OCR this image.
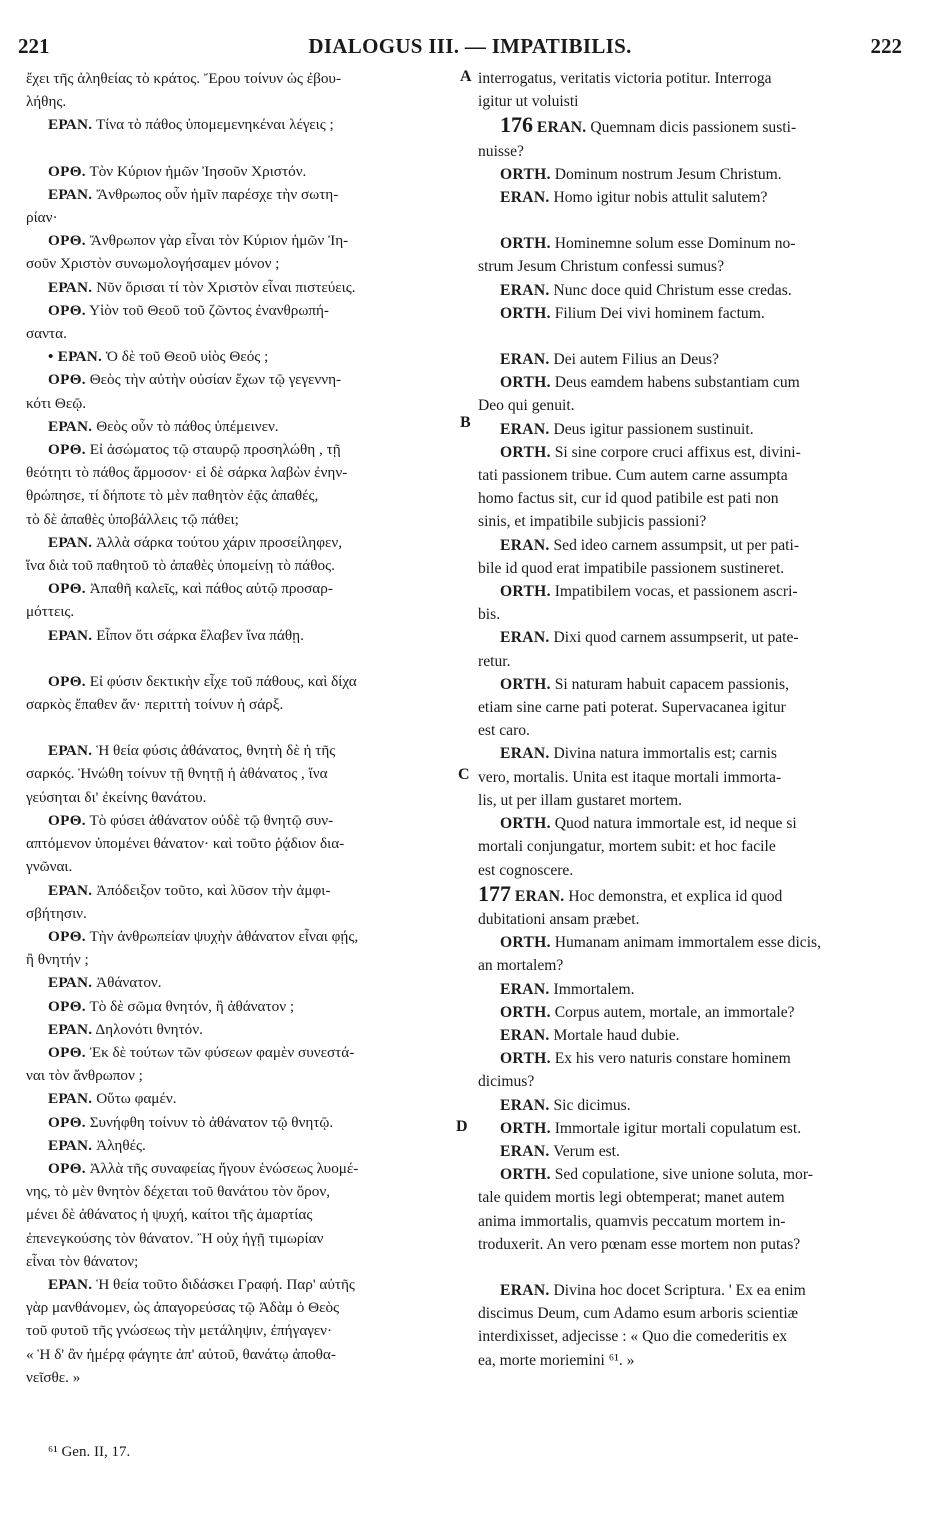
221	DIALOGUS III. — IMPATIBILIS.	222
ἔχει τῆς ἀληθείας τὸ κράτος. Ἔρου τοίνυν ὡς ἐβου-
λήθης.
ΕΡΑΝ. Τίνα τὸ πάθος ὑπομεμενηκέναι λέγεις ;
ΟΡΘ. Τὸν Κύριον ἡμῶν Ἰησοῦν Χριστόν.
ΕΡΑΝ. Ἄνθρωπος οὖν ἡμῖν παρέσχε τὴν σωτη-
ρίαν·
ΟΡΘ. Ἄνθρωπον γὰρ εἶναι τὸν Κύριον ἡμῶν Ἰη-
σοῦν Χριστὸν συνωμολογήσαμεν μόνον ;
ΕΡΑΝ. Νῦν ὅρισαι τί τὸν Χριστὸν εἶναι πιστεύεις.
ΟΡΘ. Υἱὸν τοῦ Θεοῦ τοῦ ζῶντος ἐνανθρωπή-
σαντα.
• ΕΡΑΝ. Ὁ δὲ τοῦ Θεοῦ υἱὸς Θεός ;
ΟΡΘ. Θεὸς τὴν αὐτὴν οὐσίαν ἔχων τῷ γεγεννη-
κότι Θεῷ.
ΕΡΑΝ. Θεὸς οὖν τὸ πάθος ὑπέμεινεν.
ΟΡΘ. Εἰ ἀσώματος τῷ σταυρῷ προσηλώθη , τῇ
θεότητι τὸ πάθος ἅρμοσον· εἰ δὲ σάρκα λαβὼν ἐνην-
θρώπησε, τί δήποτε τὸ μὲν παθητὸν ἐᾷς ἀπαθές,
τὸ δὲ ἀπαθὲς ὑποβάλλεις τῷ πάθει;
ΕΡΑΝ. Ἀλλὰ σάρκα τούτου χάριν προσείληφεν,
ἵνα διὰ τοῦ παθητοῦ τὸ ἀπαθὲς ὑπομείνῃ τὸ πάθος.
ΟΡΘ. Ἀπαθῆ καλεῖς, καὶ πάθος αὐτῷ προσαρ-
μόττεις.
ΕΡΑΝ. Εἶπον ὅτι σάρκα ἔλαβεν ἵνα πάθῃ.
ΟΡΘ. Εἰ φύσιν δεκτικὴν εἶχε τοῦ πάθους, καὶ δίχα
σαρκὸς ἔπαθεν ἄν· περιττὴ τοίνυν ἡ σάρξ.
ΕΡΑΝ. Ἡ θεία φύσις ἀθάνατος, θνητὴ δὲ ἡ τῆς
σαρκός. Ἡνώθη τοίνυν τῇ θνητῇ ἡ ἀθάνατος , ἵνα
γεύσηται δι' ἐκείνης θανάτου.
ΟΡΘ. Τὸ φύσει ἀθάνατον οὐδὲ τῷ θνητῷ συν-
απτόμενον ὑπομένει θάνατον· καὶ τοῦτο ῥᾴδιον δια-
γνῶναι.
ΕΡΑΝ. Ἀπόδειξον τοῦτο, καὶ λῦσον τὴν ἀμφι-
σβήτησιν.
ΟΡΘ. Τὴν ἀνθρωπείαν ψυχὴν ἀθάνατον εἶναι φῄς,
ἢ θνητήν ;
ΕΡΑΝ. Ἀθάνατον.
ΟΡΘ. Τὸ δὲ σῶμα θνητόν, ἢ ἀθάνατον ;
ΕΡΑΝ. Δηλονότι θνητόν.
ΟΡΘ. Ἐκ δὲ τούτων τῶν φύσεων φαμὲν συνεστά-
ναι τὸν ἄνθρωπον ;
ΕΡΑΝ. Οὕτω φαμέν.
ΟΡΘ. Συνήφθη τοίνυν τὸ ἀθάνατον τῷ θνητῷ.
ΕΡΑΝ. Ἀληθές.
ΟΡΘ. Ἀλλὰ τῆς συναφείας ἤγουν ἑνώσεως λυομέ-
νης, τὸ μὲν θνητὸν δέχεται τοῦ θανάτου τὸν ὅρον,
μένει δὲ ἀθάνατος ἡ ψυχή, καίτοι τῆς ἁμαρτίας
ἐπενεγκούσης τὸν θάνατον. Ἢ οὐχ ἡγῇ τιμωρίαν
εἶναι τὸν θάνατον;
ΕΡΑΝ. Ἡ θεία τοῦτο διδάσκει Γραφή. Παρ' αὐτῆς
γὰρ μανθάνομεν, ὡς ἀπαγορεύσας τῷ Ἀδὰμ ὁ Θεὸς
τοῦ φυτοῦ τῆς γνώσεως τὴν μετάληψιν, ἐπήγαγεν·
« Ἡ δ' ἂν ἡμέρᾳ φάγητε ἀπ' αὐτοῦ, θανάτῳ ἀποθα-
νεῖσθε. »
interrogatus, veritatis victoria potitur. Interroga
igitur ut voluisti
176 ERAN. Quemnam dicis passionem susti-
nuisse?
ORTH. Dominum nostrum Jesum Christum.
ERAN. Homo igitur nobis attulit salutem?
ORTH. Hominemne solum esse Dominum no-
strum Jesum Christum confessi sumus?
ERAN. Nunc doce quid Christum esse credas.
ORTH. Filium Dei vivi hominem factum.
ERAN. Dei autem Filius an Deus?
ORTH. Deus eamdem habens substantiam cum
Deo qui genuit.
ERAN. Deus igitur passionem sustinuit.
ORTH. Si sine corpore cruci affixus est, divini-
tati passionem tribue. Cum autem carne assumpta
homo factus sit, cur id quod patibile est pati non
sinis, et impatibile subjicis passioni?
ERAN. Sed ideo carnem assumpsit, ut per pati-
bile id quod erat impatibile passionem sustineret.
ORTH. Impatibilem vocas, et passionem ascri-
bis.
ERAN. Dixi quod carnem assumpserit, ut pate-
retur.
ORTH. Si naturam habuit capacem passionis,
etiam sine carne pati poterat. Supervacanea igitur
est caro.
ERAN. Divina natura immortalis est; carnis
vero, mortalis. Unita est itaque mortali immorta-
lis, ut per illam gustaret mortem.
ORTH. Quod natura immortale est, id neque si
mortali conjungatur, mortem subit: et hoc facile
est cognoscere.
177 ERAN. Hoc demonstra, et explica id quod
dubitationi ansam præbet.
ORTH. Humanam animam immortalem esse dicis,
an mortalem?
ERAN. Immortalem.
ORTH. Corpus autem, mortale, an immortale?
ERAN. Mortale haud dubie.
ORTH. Ex his vero naturis constare hominem
dicimus?
ERAN. Sic dicimus.
ORTH. Immortale igitur mortali copulatum est.
ERAN. Verum est.
ORTH. Sed copulatione, sive unione soluta, mor-
tale quidem mortis legi obtemperat; manet autem
anima immortalis, quamvis peccatum mortem in-
troduxerit. An vero pœnam esse mortem non putas?
ERAN. Divina hoc docet Scriptura. ' Ex ea enim
discimus Deum, cum Adamo esum arboris scientiæ
interdixisset, adjecisse : « Quo die comederitis ex
ea, morte moriemini ⁶¹. »
A
B
C
D
⁶¹ Gen. II, 17.
